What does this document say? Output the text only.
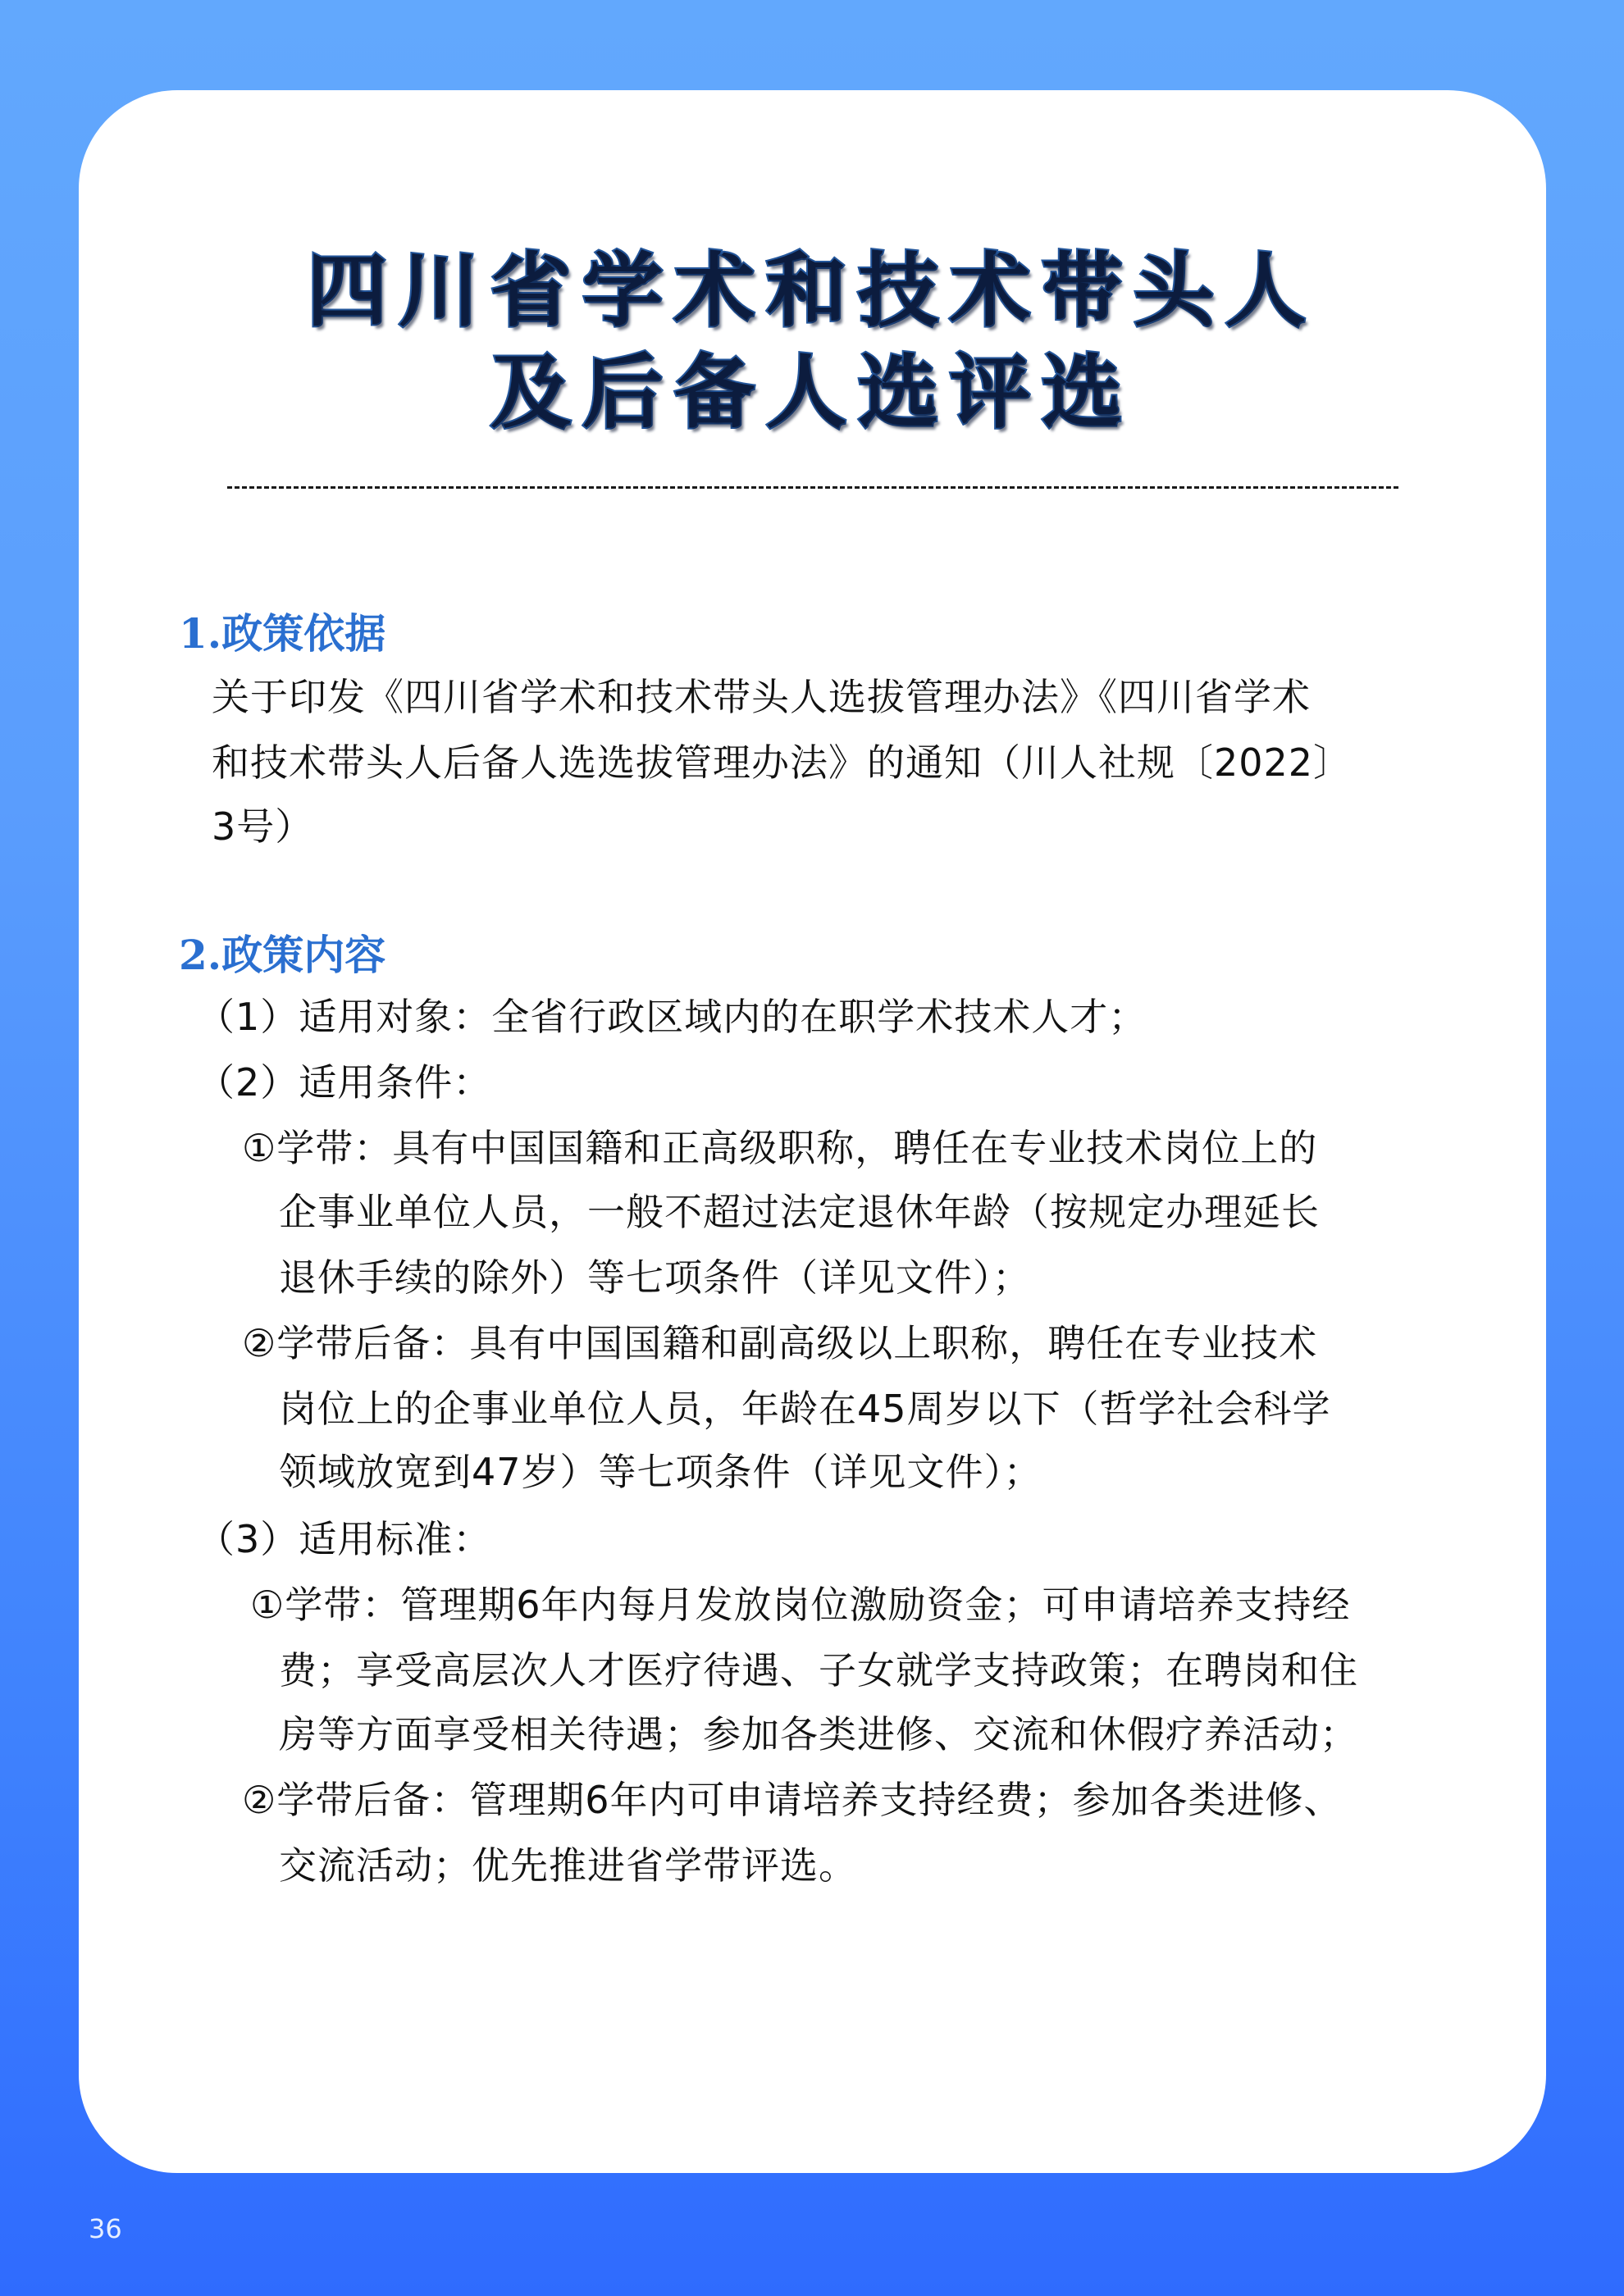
四川省学术和技术带头人
及后备人选评选
1.政策依据
关于印发《四川省学术和技术带头人选拔管理办法》《四川省学术
和技术带头人后备人选选拔管理办法》的通知（川人社规〔2022〕
3号）
2.政策内容
（1）适用对象：全省行政区域内的在职学术技术人才；
（2）适用条件：
①学带：具有中国国籍和正高级职称，聘任在专业技术岗位上的
企事业单位人员，一般不超过法定退休年龄（按规定办理延长
退休手续的除外）等七项条件（详见文件）；
②学带后备：具有中国国籍和副高级以上职称，聘任在专业技术
岗位上的企事业单位人员，年龄在45周岁以下（哲学社会科学
领域放宽到47岁）等七项条件（详见文件）；
（3）适用标准：
①学带：管理期6年内每月发放岗位激励资金；可申请培养支持经
费；享受高层次人才医疗待遇、子女就学支持政策；在聘岗和住
房等方面享受相关待遇；参加各类进修、交流和休假疗养活动；
②学带后备：管理期6年内可申请培养支持经费；参加各类进修、
交流活动；优先推进省学带评选。
36
